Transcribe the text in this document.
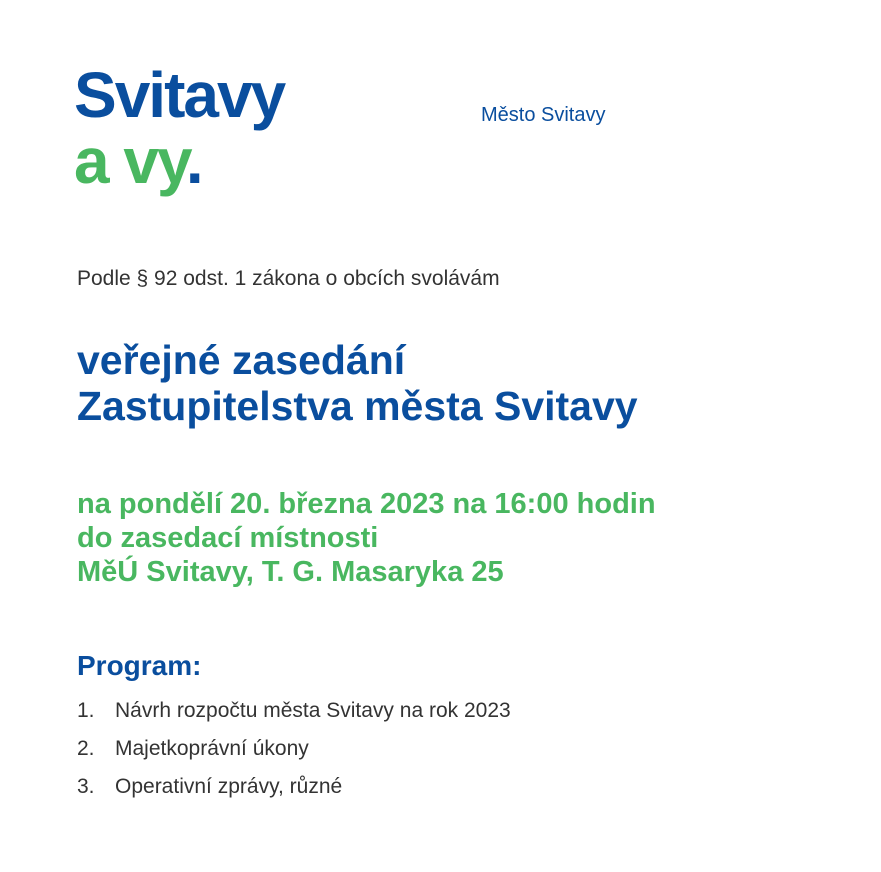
Svitavy
a vy.
Město Svitavy
Podle § 92 odst. 1 zákona o obcích svolávám
veřejné zasedání
Zastupitelstva města Svitavy
na pondělí 20. března 2023 na 16:00 hodin
do zasedací místnosti
MěÚ Svitavy, T. G. Masaryka 25
Program:
1. Návrh rozpočtu města Svitavy na rok 2023
2. Majetkoprávní úkony
3. Operativní zprávy, různé
